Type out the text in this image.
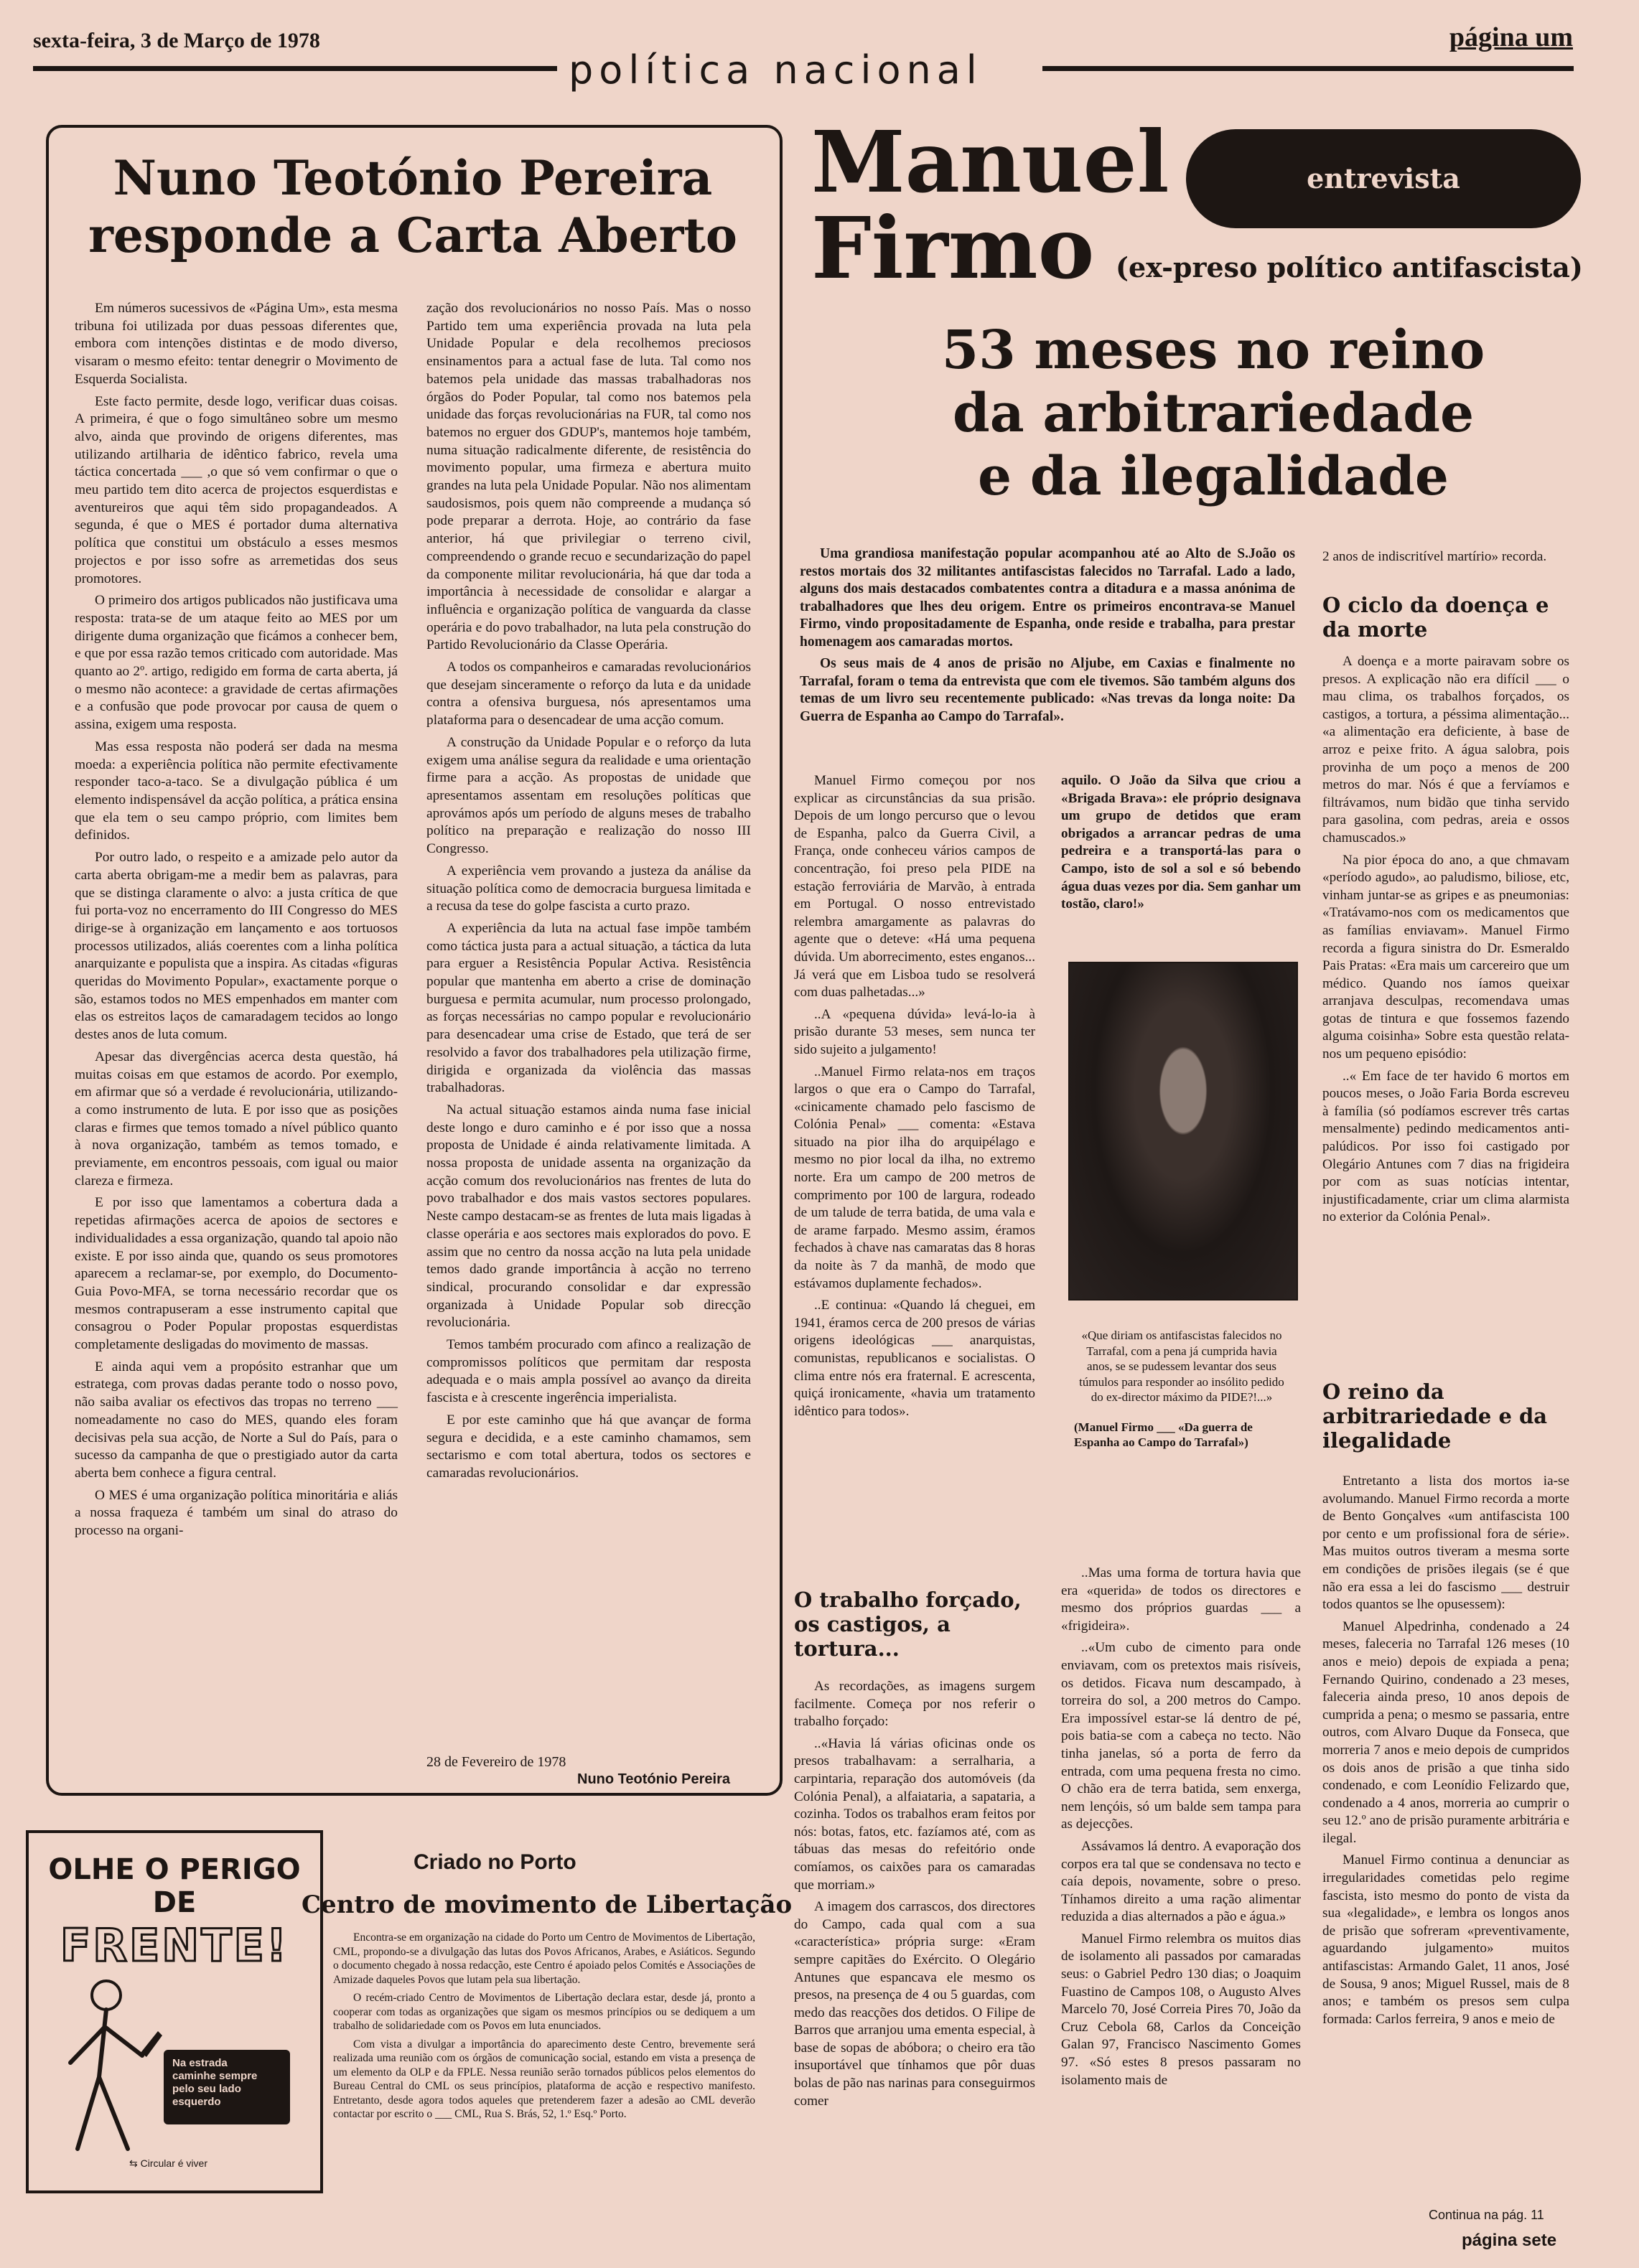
sexta-feira, 3 de Março de 1978	página um
política nacional
Nuno Teotónio Pereira
responde a Carta Aberto

Em números sucessivos de «Página Um», esta mesma tribuna foi utilizada por duas pessoas diferentes que, embora com intenções distintas e de modo diverso, visaram o mesmo efeito: tentar denegrir o Movimento de Esquerda Socialista.

Este facto permite, desde logo, verificar duas coisas. A primeira, é que o fogo simultâneo sobre um mesmo alvo, ainda que provindo de origens diferentes, mas utilizando artilharia de idêntico fabrico, revela uma táctica concertada ___ ,o que só vem confirmar o que o meu partido tem dito acerca de projectos esquerdistas e aventureiros que aqui têm sido propagandeados. A segunda, é que o MES é portador duma alternativa política que constitui um obstáculo a esses mesmos projectos e por isso sofre as arremetidas dos seus promotores.

O primeiro dos artigos publicados não justificava uma resposta: trata-se de um ataque feito ao MES por um dirigente duma organização que ficámos a conhecer bem, e que por essa razão temos criticado com autoridade. Mas quanto ao 2º. artigo, redigido em forma de carta aberta, já o mesmo não acontece: a gravidade de certas afirmações e a confusão que pode provocar por causa de quem o assina, exigem uma resposta.

Mas essa resposta não poderá ser dada na mesma moeda: a experiência política não permite efectivamente responder taco-a-taco. Se a divulgação pública é um elemento indispensável da acção política, a prática ensina que ela tem o seu campo próprio, com limites bem definidos.

Por outro lado, o respeito e a amizade pelo autor da carta aberta obrigam-me a medir bem as palavras, para que se distinga claramente o alvo: a justa crítica de que fui porta-voz no encerramento do III Congresso do MES dirige-se à organização em lançamento e aos tortuosos processos utilizados, aliás coerentes com a linha política anarquizante e populista que a inspira. As citadas «figuras queridas do Movimento Popular», exactamente porque o são, estamos todos no MES empenhados em manter com elas os estreitos laços de camaradagem tecidos ao longo destes anos de luta comum.

Apesar das divergências acerca desta questão, há muitas coisas em que estamos de acordo. Por exemplo, em afirmar que só a verdade é revolucionária, utilizando-a como instrumento de luta. E por isso que as posições claras e firmes que temos tomado a nível público quanto à nova organização, também as temos tomado, e previamente, em encontros pessoais, com igual ou maior clareza e firmeza.

E por isso que lamentamos a cobertura dada a repetidas afirmações acerca de apoios de sectores e individualidades a essa organização, quando tal apoio não existe. E por isso ainda que, quando os seus promotores aparecem a reclamar-se, por exemplo, do Documento-Guia Povo-MFA, se torna necessário recordar que os mesmos contrapuseram a esse instrumento capital que consagrou o Poder Popular propostas esquerdistas completamente desligadas do movimento de massas.

E ainda aqui vem a propósito estranhar que um estratega, com provas dadas perante todo o nosso povo, não saiba avaliar os efectivos das tropas no terreno ___ nomeadamente no caso do MES, quando eles foram decisivas pela sua acção, de Norte a Sul do País, para o sucesso da campanha de que o prestigiado autor da carta aberta bem conhece a figura central.

O MES é uma organização política minoritária e aliás a nossa fraqueza é também um sinal do atraso do processo na organi-

zação dos revolucionários no nosso País. Mas o nosso Partido tem uma experiência provada na luta pela Unidade Popular e dela recolhemos preciosos ensinamentos para a actual fase de luta. Tal como nos batemos pela unidade das massas trabalhadoras nos órgãos do Poder Popular, tal como nos batemos pela unidade das forças revolucionárias na FUR, tal como nos batemos no erguer dos GDUP's, mantemos hoje também, numa situação radicalmente diferente, de resistência do movimento popular, uma firmeza e abertura muito grandes na luta pela Unidade Popular. Não nos alimentam saudosismos, pois quem não compreende a mudança só pode preparar a derrota. Hoje, ao contrário da fase anterior, há que privilegiar o terreno civil, compreendendo o grande recuo e secundarização do papel da componente militar revolucionária, há que dar toda a importância à necessidade de consolidar e alargar a influência e organização política de vanguarda da classe operária e do povo trabalhador, na luta pela construção do Partido Revolucionário da Classe Operária.

A todos os companheiros e camaradas revolucionários que desejam sinceramente o reforço da luta e da unidade contra a ofensiva burguesa, nós apresentamos uma plataforma para o desencadear de uma acção comum.

A construção da Unidade Popular e o reforço da luta exigem uma análise segura da realidade e uma orientação firme para a acção. As propostas de unidade que apresentamos assentam em resoluções políticas que aprovámos após um período de alguns meses de trabalho político na preparação e realização do nosso III Congresso.

A experiência vem provando a justeza da análise da situação política como de democracia burguesa limitada e a recusa da tese do golpe fascista a curto prazo.

A experiência da luta na actual fase impõe também como táctica justa para a actual situação, a táctica da luta para erguer a Resistência Popular Activa. Resistência popular que mantenha em aberto a crise de dominação burguesa e permita acumular, num processo prolongado, as forças necessárias no campo popular e revolucionário para desencadear uma crise de Estado, que terá de ser resolvido a favor dos trabalhadores pela utilização firme, dirigida e organizada da violência das massas trabalhadoras.

Na actual situação estamos ainda numa fase inicial deste longo e duro caminho e é por isso que a nossa proposta de Unidade é ainda relativamente limitada. A nossa proposta de unidade assenta na organização da acção comum dos revolucionários nas frentes de luta do povo trabalhador e dos mais vastos sectores populares. Neste campo destacam-se as frentes de luta mais ligadas à classe operária e aos sectores mais explorados do povo. E assim que no centro da nossa acção na luta pela unidade temos dado grande importância à acção no terreno sindical, procurando consolidar e dar expressão organizada à Unidade Popular sob direcção revolucionária.

Temos também procurado com afinco a realização de compromissos políticos que permitam dar resposta adequada e o mais ampla possível ao avanço da direita fascista e à crescente ingerência imperialista.

E por este caminho que há que avançar de forma segura e decidida, e a este caminho chamamos, sem sectarismo e com total abertura, todos os sectores e camaradas revolucionários.

28 de Fevereiro de 1978
Nuno Teotónio Pereira
OLHE O PERIGO
DE
FRENTE!
Na estrada
caminhe sempre
pelo seu lado
esquerdo
⇆ Circular é viver
Criado no Porto
Centro de movimento de Libertação

Encontra-se em organização na cidade do Porto um Centro de Movimentos de Libertação, CML, propondo-se a divulgação das lutas dos Povos Africanos, Arabes, e Asiáticos. Segundo o documento chegado à nossa redacção, este Centro é apoiado pelos Comités e Associações de Amizade daqueles Povos que lutam pela sua libertação.

O recém-criado Centro de Movimentos de Libertação declara estar, desde já, pronto a cooperar com todas as organizações que sigam os mesmos princípios ou se dediquem a um trabalho de solidariedade com os Povos em luta enunciados.

Com vista a divulgar a importância do aparecimento deste Centro, brevemente será realizada uma reunião com os órgãos de comunicação social, estando em vista a presença de um elemento da OLP e da FPLE. Nessa reunião serão tornados públicos pelos elementos do Bureau Central do CML os seus princípios, plataforma de acção e respectivo manifesto. Entretanto, desde agora todos aqueles que pretenderem fazer a adesão ao CML deverão contactar por escrito o ___ CML, Rua S. Brás, 52, 1.º Esq.º Porto.

Manuel
Firmo
entrevista
(ex-preso político antifascista)
53 meses no reino
da arbitrariedade
e da ilegalidade

Uma grandiosa manifestação popular acompanhou até ao Alto de S.João os restos mortais dos 32 militantes antifascistas falecidos no Tarrafal. Lado a lado, alguns dos mais destacados combatentes contra a ditadura e a massa anónima de trabalhadores que lhes deu origem. Entre os primeiros encontrava-se Manuel Firmo, vindo propositadamente de Espanha, onde reside e trabalha, para prestar homenagem aos camaradas mortos.

Os seus mais de 4 anos de prisão no Aljube, em Caxias e finalmente no Tarrafal, foram o tema da entrevista que com ele tivemos. São também alguns dos temas de um livro seu recentemente publicado: «Nas trevas da longa noite: Da Guerra de Espanha ao Campo do Tarrafal».

Manuel Firmo começou por nos explicar as circunstâncias da sua prisão. Depois de um longo percurso que o levou de Espanha, palco da Guerra Civil, a França, onde conheceu vários campos de concentração, foi preso pela PIDE na estação ferroviária de Marvão, à entrada em Portugal. O nosso entrevistado relembra amargamente as palavras do agente que o deteve: «Há uma pequena dúvida. Um aborrecimento, estes enganos... Já verá que em Lisboa tudo se resolverá com duas palhetadas...»

..A «pequena dúvida» levá-lo-ia à prisão durante 53 meses, sem nunca ter sido sujeito a julgamento!

..Manuel Firmo relata-nos em traços largos o que era o Campo do Tarrafal, «cinicamente chamado pelo fascismo de Colónia Penal» ___ comenta: «Estava situado na pior ilha do arquipélago e mesmo no pior local da ilha, no extremo norte. Era um campo de 200 metros de comprimento por 100 de largura, rodeado de um talude de terra batida, de uma vala e de arame farpado. Mesmo assim, éramos fechados à chave nas camaratas das 8 horas da noite às 7 da manhã, de modo que estávamos duplamente fechados».

..E continua: «Quando lá cheguei, em 1941, éramos cerca de 200 presos de várias origens ideológicas ___ anarquistas, comunistas, republicanos e socialistas. O clima entre nós era fraternal. E acrescenta, quiçá ironicamente, «havia um tratamento idêntico para todos».

O trabalho forçado, os castigos, a tortura...

As recordações, as imagens surgem facilmente. Começa por nos referir o trabalho forçado:

..«Havia lá várias oficinas onde os presos trabalhavam: a serralharia, a carpintaria, reparação dos automóveis (da Colónia Penal), a alfaiataria, a sapataria, a cozinha. Todos os trabalhos eram feitos por nós: botas, fatos, etc. fazíamos até, com as tábuas das mesas do refeitório onde comíamos, os caixões para os camaradas que morriam.»

A imagem dos carrascos, dos directores do Campo, cada qual com a sua «característica» própria surge: «Eram sempre capitães do Exército. O Olegário Antunes que espancava ele mesmo os presos, na presença de 4 ou 5 guardas, com medo das reacções dos detidos. O Filipe de Barros que arranjou uma ementa especial, à base de sopas de abóbora; o cheiro era tão insuportável que tínhamos que pôr duas bolas de pão nas narinas para conseguirmos comer

aquilo. O João da Silva que criou a «Brigada Brava»: ele próprio designava um grupo de detidos que eram obrigados a arrancar pedras de uma pedreira e a transportá-las para o Campo, isto de sol a sol e só bebendo água duas vezes por dia. Sem ganhar um tostão, claro!»

«Que diriam os antifascistas falecidos no Tarrafal, com a pena já cumprida havia anos, se se pudessem levantar dos seus túmulos para responder ao insólito pedido do ex-director máximo da PIDE?!...»
(Manuel Firmo ___ «Da guerra de Espanha ao Campo do Tarrafal»)

..Mas uma forma de tortura havia que era «querida» de todos os directores e mesmo dos próprios guardas ___ a «frigideira».

..«Um cubo de cimento para onde enviavam, com os pretextos mais risíveis, os detidos. Ficava num descampado, à torreira do sol, a 200 metros do Campo. Era impossível estar-se lá dentro de pé, pois batia-se com a cabeça no tecto. Não tinha janelas, só a porta de ferro da entrada, com uma pequena fresta no cimo. O chão era de terra batida, sem enxerga, nem lençóis, só um balde sem tampa para as dejecções.

Assávamos lá dentro. A evaporação dos corpos era tal que se condensava no tecto e caía depois, novamente, sobre o preso. Tínhamos direito a uma ração alimentar reduzida a dias alternados a pão e água.»

Manuel Firmo relembra os muitos dias de isolamento ali passados por camaradas seus: o Gabriel Pedro 130 dias; o Joaquim Fuastino de Campos 108, o Augusto Alves Marcelo 70, José Correia Pires 70, João da Cruz Cebola 68, Carlos da Conceição Galan 97, Francisco Nascimento Gomes 97. «Só estes 8 presos passaram no isolamento mais de

2 anos de indiscritível martírio» recorda.
O ciclo da doença e da morte

A doença e a morte pairavam sobre os presos. A explicação não era difícil ___ o mau clima, os trabalhos forçados, os castigos, a tortura, a péssima alimentação... «a alimentação era deficiente, à base de arroz e peixe frito. A água salobra, pois provinha de um poço a menos de 200 metros do mar. Nós é que a fervíamos e filtrávamos, num bidão que tinha servido para gasolina, com pedras, areia e ossos chamuscados.»

Na pior época do ano, a que chmavam «período agudo», ao paludismo, biliose, etc, vinham juntar-se as gripes e as pneumonias: «Tratávamo-nos com os medicamentos que as famílias enviavam». Manuel Firmo recorda a figura sinistra do Dr. Esmeraldo Pais Pratas: «Era mais um carcereiro que um médico. Quando nos íamos queixar arranjava desculpas, recomendava umas gotas de tintura e que fossemos fazendo alguma coisinha» Sobre esta questão relata-nos um pequeno episódio:

..« Em face de ter havido 6 mortos em poucos meses, o João Faria Borda escreveu à família (só podíamos escrever três cartas mensalmente) pedindo medicamentos anti-palúdicos. Por isso foi castigado por Olegário Antunes com 7 dias na frigideira por com as suas notícias intentar, injustificadamente, criar um clima alarmista no exterior da Colónia Penal».

O reino da arbitrariedade e da ilegalidade

Entretanto a lista dos mortos ia-se avolumando. Manuel Firmo recorda a morte de Bento Gonçalves «um antifascista 100 por cento e um profissional fora de série». Mas muitos outros tiveram a mesma sorte em condições de prisões ilegais (se é que não era essa a lei do fascismo ___ destruir todos quantos se lhe opusessem):

Manuel Alpedrinha, condenado a 24 meses, faleceria no Tarrafal 126 meses (10 anos e meio) depois de expiada a pena; Fernando Quirino, condenado a 23 meses, faleceria ainda preso, 10 anos depois de cumprida a pena; o mesmo se passaria, entre outros, com Alvaro Duque da Fonseca, que morreria 7 anos e meio depois de cumpridos os dois anos de prisão a que tinha sido condenado, e com Leonídio Felizardo que, condenado a 4 anos, morreria ao cumprir o seu 12.º ano de prisão puramente arbitrária e ilegal.

Manuel Firmo continua a denunciar as irregularidades cometidas pelo regime fascista, isto mesmo do ponto de vista da sua «legalidade», e lembra os longos anos de prisão que sofreram «preventivamente, aguardando julgamento» muitos antifascistas: Armando Galet, 11 anos, José de Sousa, 9 anos; Miguel Russel, mais de 8 anos; e também os presos sem culpa formada: Carlos ferreira, 9 anos e meio de

Continua na pág. 11
página sete
